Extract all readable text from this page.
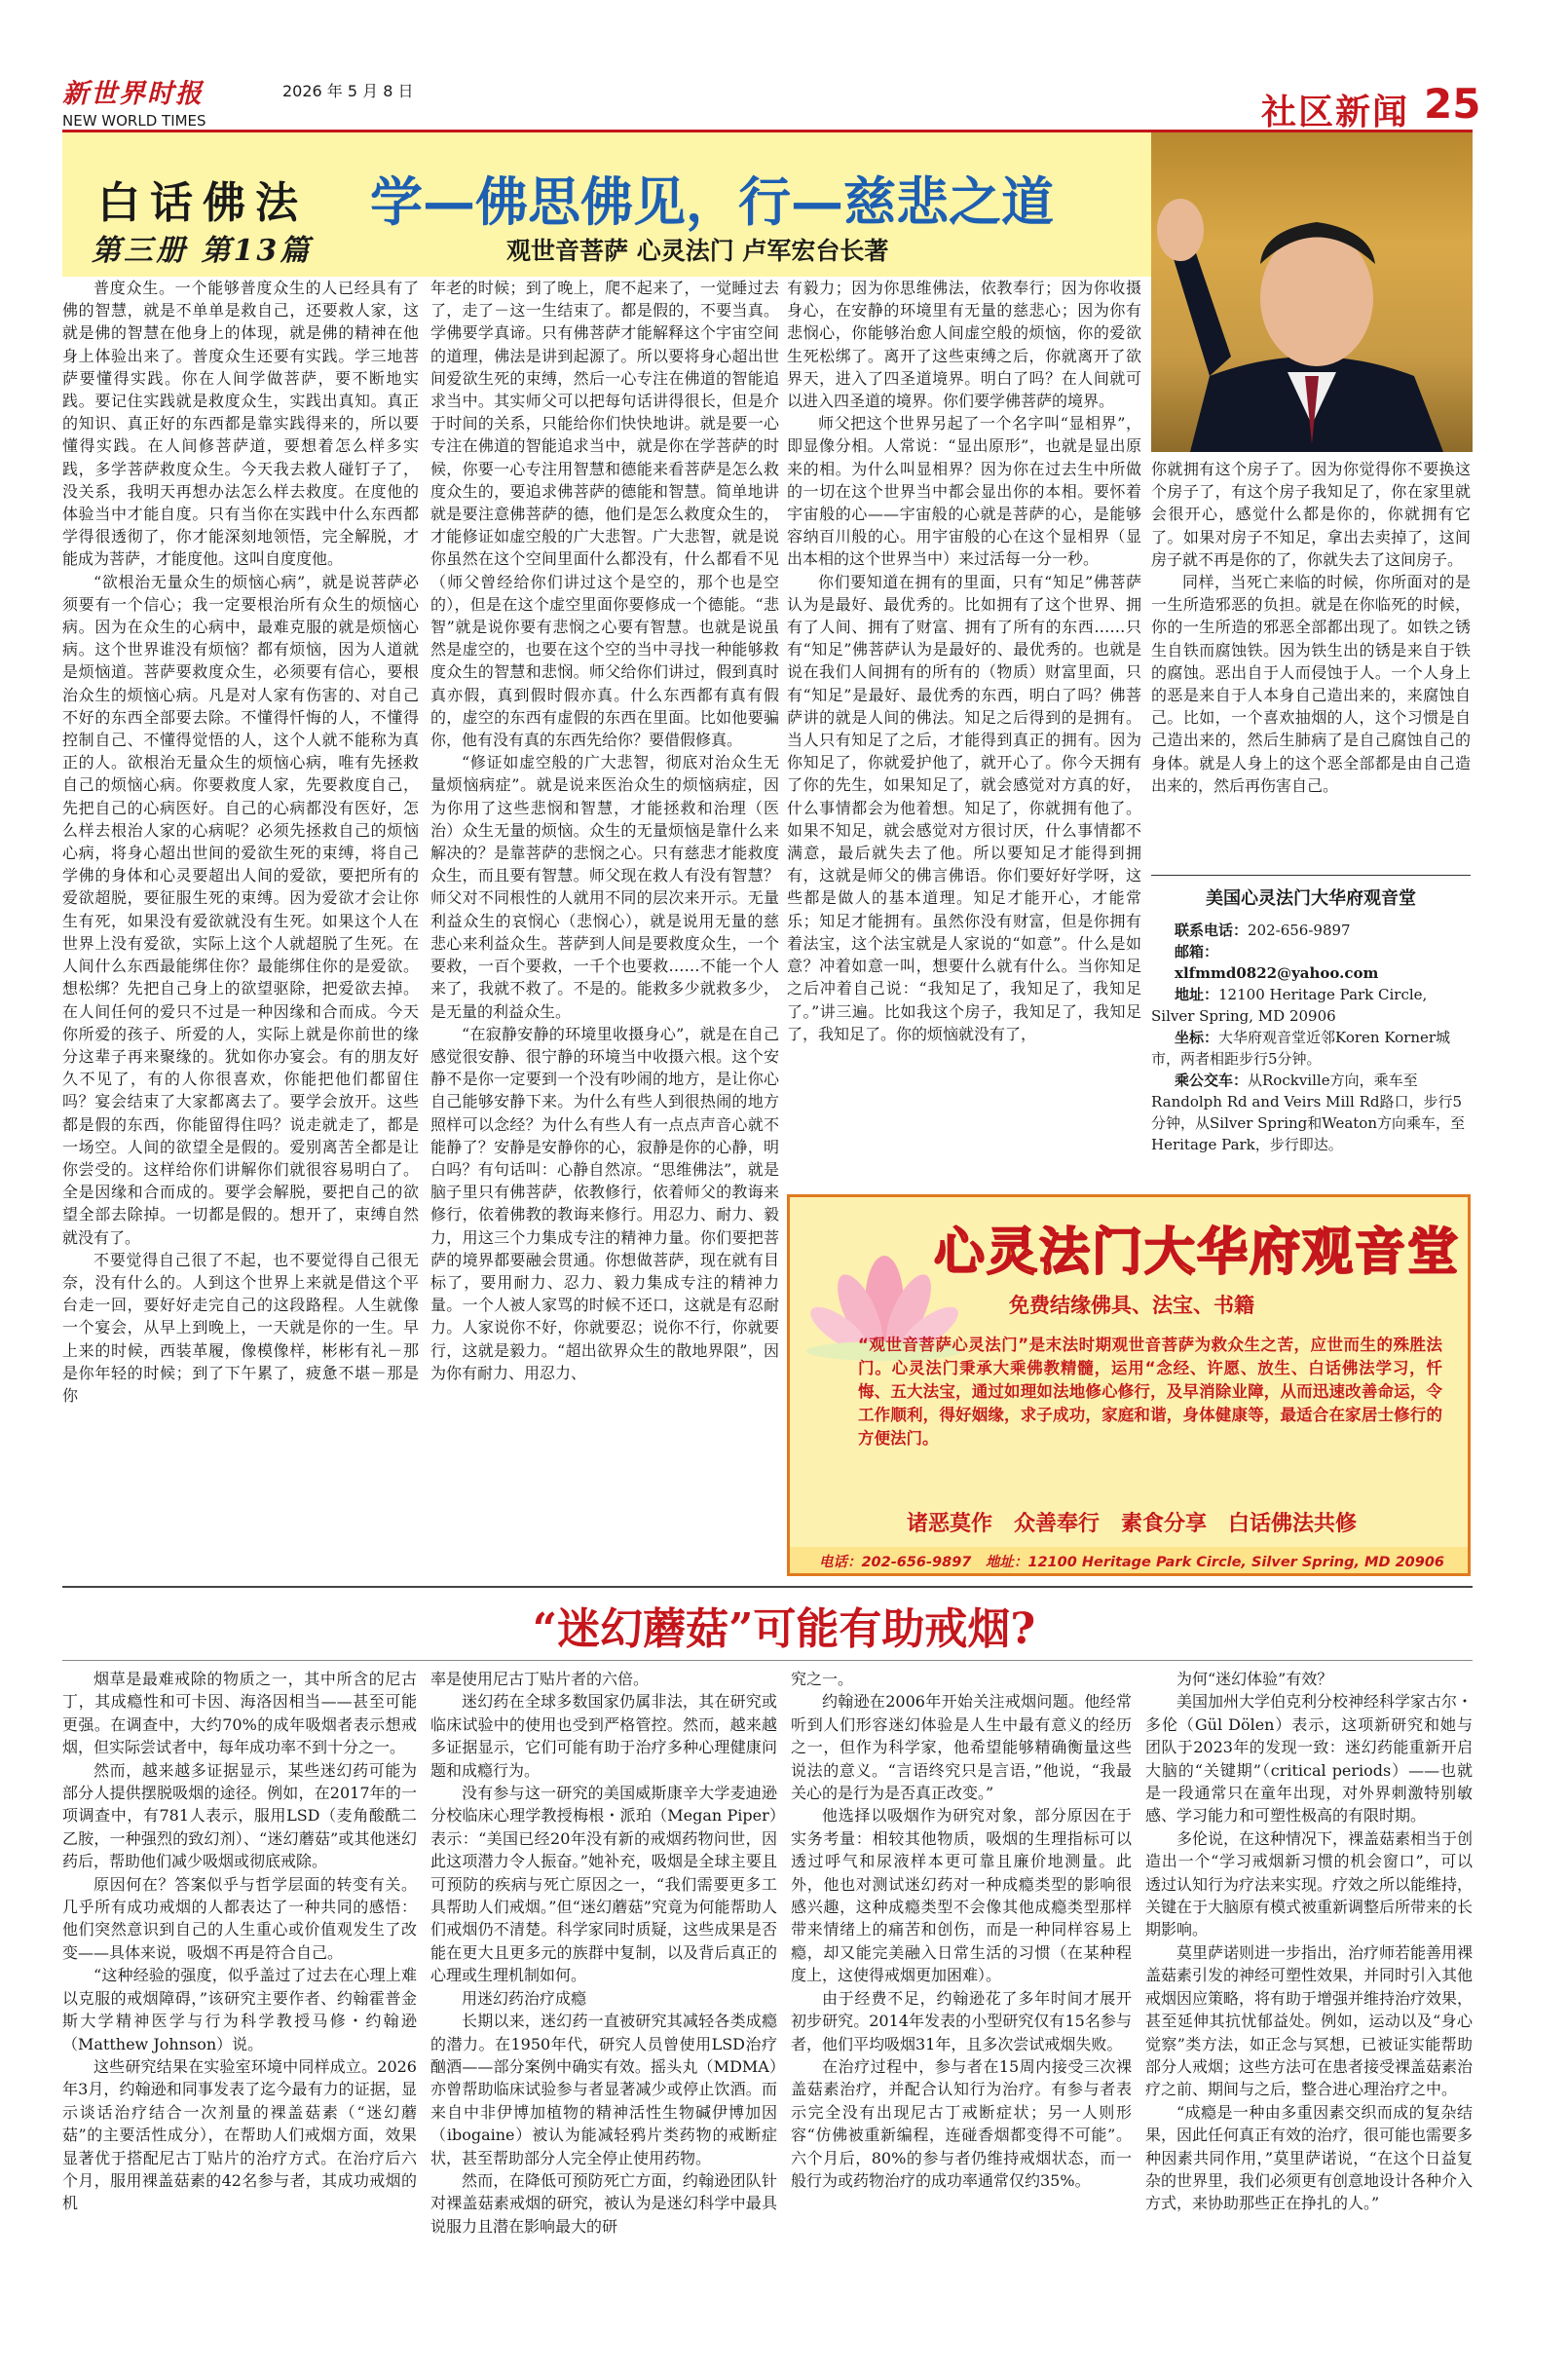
新世界时报	2026 年 5 月 8 日
NEW WORLD TIMES	社区新闻 25
白话佛法
第三册 第13篇
学—佛思佛见，行—慈悲之道
观世音菩萨 心灵法门 卢军宏台长著

普度众生。一个能够普度众生的人已经具有了佛的智慧，就是不单单是救自己，还要救人家，这就是佛的智慧在他身上的体现，就是佛的精神在他身上体验出来了。普度众生还要有实践。学三地菩萨要懂得实践。你在人间学做菩萨，要不断地实践。要记住实践就是救度众生，实践出真知。真正的知识、真正好的东西都是靠实践得来的，所以要懂得实践。在人间修菩萨道，要想着怎么样多实践，多学菩萨救度众生。今天我去救人碰钉子了，没关系，我明天再想办法怎么样去救度。在度他的体验当中才能自度。只有当你在实践中什么东西都学得很透彻了，你才能深刻地领悟，完全解脱，才能成为菩萨，才能度他。这叫自度度他。

“欲根治无量众生的烦恼心病”，就是说菩萨必须要有一个信心；我一定要根治所有众生的烦恼心病。因为在众生的心病中，最难克服的就是烦恼心病。这个世界谁没有烦恼？都有烦恼，因为人道就是烦恼道。菩萨要救度众生，必须要有信心，要根治众生的烦恼心病。凡是对人家有伤害的、对自己不好的东西全部要去除。不懂得忏悔的人，不懂得控制自己、不懂得觉悟的人，这个人就不能称为真正的人。欲根治无量众生的烦恼心病，唯有先拯救自己的烦恼心病。你要救度人家，先要救度自己，先把自己的心病医好。自己的心病都没有医好，怎么样去根治人家的心病呢？必须先拯救自己的烦恼心病，将身心超出世间的爱欲生死的束缚，将自己学佛的身体和心灵要超出人间的爱欲，要把所有的爱欲超脱，要征服生死的束缚。因为爱欲才会让你生有死，如果没有爱欲就没有生死。如果这个人在世界上没有爱欲，实际上这个人就超脱了生死。在人间什么东西最能绑住你？最能绑住你的是爱欲。想松绑？先把自己身上的欲望驱除，把爱欲去掉。在人间任何的爱只不过是一种因缘和合而成。今天你所爱的孩子、所爱的人，实际上就是你前世的缘分这辈子再来聚缘的。犹如你办宴会。有的朋友好久不见了，有的人你很喜欢，你能把他们都留住吗？宴会结束了大家都离去了。要学会放开。这些都是假的东西，你能留得住吗？说走就走了，都是一场空。人间的欲望全是假的。爱别离苦全都是让你尝受的。这样给你们讲解你们就很容易明白了。全是因缘和合而成的。要学会解脱，要把自己的欲望全部去除掉。一切都是假的。想开了，束缚自然就没有了。

不要觉得自己很了不起，也不要觉得自己很无奈，没有什么的。人到这个世界上来就是借这个平台走一回，要好好走完自己的这段路程。人生就像一个宴会，从早上到晚上，一天就是你的一生。早上来的时候，西装革履，像模像样，彬彬有礼－那是你年轻的时候；到了下午累了，疲惫不堪－那是你

年老的时候；到了晚上，爬不起来了，一觉睡过去了，走了－这一生结束了。都是假的，不要当真。学佛要学真谛。只有佛菩萨才能解释这个宇宙空间的道理，佛法是讲到起源了。所以要将身心超出世间爱欲生死的束缚，然后一心专注在佛道的智能追求当中。其实师父可以把每句话讲得很长，但是介于时间的关系，只能给你们快快地讲。就是要一心专注在佛道的智能追求当中，就是你在学菩萨的时候，你要一心专注用智慧和德能来看菩萨是怎么救度众生的，要追求佛菩萨的德能和智慧。简单地讲就是要注意佛菩萨的德，他们是怎么救度众生的，才能修证如虚空般的广大悲智。广大悲智，就是说你虽然在这个空间里面什么都没有，什么都看不见（师父曾经给你们讲过这个是空的，那个也是空的），但是在这个虚空里面你要修成一个德能。“悲智”就是说你要有悲悯之心要有智慧。也就是说虽然是虚空的，也要在这个空的当中寻找一种能够救度众生的智慧和悲悯。师父给你们讲过，假到真时真亦假，真到假时假亦真。什么东西都有真有假的，虚空的东西有虚假的东西在里面。比如他要骗你，他有没有真的东西先给你？要借假修真。

“修证如虚空般的广大悲智，彻底对治众生无量烦恼病症”。就是说来医治众生的烦恼病症，因为你用了这些悲悯和智慧，才能拯救和治理（医治）众生无量的烦恼。众生的无量烦恼是靠什么来解决的？是靠菩萨的悲悯之心。只有慈悲才能救度众生，而且要有智慧。师父现在救人有没有智慧？师父对不同根性的人就用不同的层次来开示。无量利益众生的哀悯心（悲悯心），就是说用无量的慈悲心来利益众生。菩萨到人间是要救度众生，一个要救，一百个要救，一千个也要救……不能一个人来了，我就不救了。不是的。能救多少就救多少，是无量的利益众生。

“在寂静安静的环境里收摄身心”，就是在自己感觉很安静、很宁静的环境当中收摄六根。这个安静不是你一定要到一个没有吵闹的地方，是让你心自己能够安静下来。为什么有些人到很热闹的地方照样可以念经？为什么有些人有一点点声音心就不能静了？安静是安静你的心，寂静是你的心静，明白吗？有句话叫：心静自然凉。“思维佛法”，就是脑子里只有佛菩萨，依教修行，依着师父的教诲来修行，依着佛教的教诲来修行。用忍力、耐力、毅力，用这三个力集成专注的精神力量。你们要把菩萨的境界都要融会贯通。你想做菩萨，现在就有目标了，要用耐力、忍力、毅力集成专注的精神力量。一个人被人家骂的时候不还口，这就是有忍耐力。人家说你不好，你就要忍；说你不行，你就要行，这就是毅力。“超出欲界众生的散地界限”，因为你有耐力、用忍力、

有毅力；因为你思维佛法，依教奉行；因为你收摄身心，在安静的环境里有无量的慈悲心；因为你有悲悯心，你能够治愈人间虚空般的烦恼，你的爱欲生死松绑了。离开了这些束缚之后，你就离开了欲界天，进入了四圣道境界。明白了吗？在人间就可以进入四圣道的境界。你们要学佛菩萨的境界。

师父把这个世界另起了一个名字叫“显相界”，即显像分相。人常说：“显出原形”，也就是显出原来的相。为什么叫显相界？因为你在过去生中所做的一切在这个世界当中都会显出你的本相。要怀着宇宙般的心——宇宙般的心就是菩萨的心，是能够容纳百川般的心。用宇宙般的心在这个显相界（显出本相的这个世界当中）来过活每一分一秒。

你们要知道在拥有的里面，只有“知足”佛菩萨认为是最好、最优秀的。比如拥有了这个世界、拥有了人间、拥有了财富、拥有了所有的东西……只有“知足”佛菩萨认为是最好的、最优秀的。也就是说在我们人间拥有的所有的（物质）财富里面，只有“知足”是最好、最优秀的东西，明白了吗？佛菩萨讲的就是人间的佛法。知足之后得到的是拥有。当人只有知足了之后，才能得到真正的拥有。因为你知足了，你就爱护他了，就开心了。你今天拥有了你的先生，如果知足了，就会感觉对方真的好，什么事情都会为他着想。知足了，你就拥有他了。如果不知足，就会感觉对方很讨厌，什么事情都不满意，最后就失去了他。所以要知足才能得到拥有，这就是师父的佛言佛语。你们要好好学呀，这些都是做人的基本道理。知足才能开心，才能常乐；知足才能拥有。虽然你没有财富，但是你拥有着法宝，这个法宝就是人家说的“如意”。什么是如意？冲着如意一叫，想要什么就有什么。当你知足之后冲着自己说：“我知足了，我知足了，我知足了。”讲三遍。比如我这个房子，我知足了，我知足了，我知足了。你的烦恼就没有了，

你就拥有这个房子了。因为你觉得你不要换这个房子了，有这个房子我知足了，你在家里就会很开心，感觉什么都是你的，你就拥有它了。如果对房子不知足，拿出去卖掉了，这间房子就不再是你的了，你就失去了这间房子。

同样，当死亡来临的时候，你所面对的是一生所造邪恶的负担。就是在你临死的时候，你的一生所造的邪恶全部都出现了。如铁之锈生自铁而腐蚀铁。因为铁生出的锈是来自于铁的腐蚀。恶出自于人而侵蚀于人。一个人身上的恶是来自于人本身自己造出来的，来腐蚀自己。比如，一个喜欢抽烟的人，这个习惯是自己造出来的，然后生肺病了是自己腐蚀自己的身体。就是人身上的这个恶全部都是由自己造出来的，然后再伤害自己。

美国心灵法门大华府观音堂
联系电话：202-656-9897
邮箱：
xlfmmd0822@yahoo.com
地址：12100 Heritage Park Circle, Silver Spring, MD 20906
坐标：大华府观音堂近邻Koren Korner城市，两者相距步行5分钟。
乘公交车：从Rockville方向，乘车至Randolph Rd and Veirs Mill Rd路口，步行5分钟，从Silver Spring和Weaton方向乘车，至Heritage Park，步行即达。
心灵法门大华府观音堂
免费结缘佛具、法宝、书籍
“观世音菩萨心灵法门”是末法时期观世音菩萨为救众生之苦，应世而生的殊胜法门。心灵法门秉承大乘佛教精髓，运用“念经、许愿、放生、白话佛法学习，忏悔、五大法宝，通过如理如法地修心修行，及早消除业障，从而迅速改善命运，令工作顺利，得好姻缘，求子成功，家庭和谐，身体健康等，最适合在家居士修行的方便法门。
诸恶莫作　众善奉行　素食分享　白话佛法共修
电话：202-656-9897　地址：12100 Heritage Park Circle, Silver Spring, MD 20906
“迷幻蘑菇”可能有助戒烟?

烟草是最难戒除的物质之一，其中所含的尼古丁，其成瘾性和可卡因、海洛因相当——甚至可能更强。在调查中，大约70%的成年吸烟者表示想戒烟，但实际尝试者中，每年成功率不到十分之一。

然而，越来越多证据显示，某些迷幻药可能为部分人提供摆脱吸烟的途径。例如，在2017年的一项调查中，有781人表示，服用LSD（麦角酸酰二乙胺，一种强烈的致幻剂）、“迷幻蘑菇”或其他迷幻药后，帮助他们减少吸烟或彻底戒除。

原因何在？答案似乎与哲学层面的转变有关。几乎所有成功戒烟的人都表达了一种共同的感悟：他们突然意识到自己的人生重心或价值观发生了改变——具体来说，吸烟不再是符合自己。

“这种经验的强度，似乎盖过了过去在心理上难以克服的戒烟障碍，”该研究主要作者、约翰霍普金斯大学精神医学与行为科学教授马修・约翰逊（Matthew Johnson）说。

这些研究结果在实验室环境中同样成立。2026年3月，约翰逊和同事发表了迄今最有力的证据，显示谈话治疗结合一次剂量的裸盖菇素（“迷幻蘑菇”的主要活性成分），在帮助人们戒烟方面，效果显著优于搭配尼古丁贴片的治疗方式。在治疗后六个月，服用裸盖菇素的42名参与者，其成功戒烟的机

率是使用尼古丁贴片者的六倍。

迷幻药在全球多数国家仍属非法，其在研究或临床试验中的使用也受到严格管控。然而，越来越多证据显示，它们可能有助于治疗多种心理健康问题和成瘾行为。

没有参与这一研究的美国威斯康辛大学麦迪逊分校临床心理学教授梅根・派珀（Megan Piper）表示：“美国已经20年没有新的戒烟药物问世，因此这项潜力令人振奋。”她补充，吸烟是全球主要且可预防的疾病与死亡原因之一，“我们需要更多工具帮助人们戒烟。”但“迷幻蘑菇”究竟为何能帮助人们戒烟仍不清楚。科学家同时质疑，这些成果是否能在更大且更多元的族群中复制，以及背后真正的心理或生理机制如何。

用迷幻药治疗成瘾

长期以来，迷幻药一直被研究其减轻各类成瘾的潜力。在1950年代，研究人员曾使用LSD治疗酗酒——部分案例中确实有效。摇头丸（MDMA）亦曾帮助临床试验参与者显著减少或停止饮酒。而来自中非伊博加植物的精神活性生物碱伊博加因（ibogaine）被认为能减轻鸦片类药物的戒断症状，甚至帮助部分人完全停止使用药物。

然而，在降低可预防死亡方面，约翰逊团队针对裸盖菇素戒烟的研究，被认为是迷幻科学中最具说服力且潜在影响最大的研

究之一。

约翰逊在2006年开始关注戒烟问题。他经常听到人们形容迷幻体验是人生中最有意义的经历之一，但作为科学家，他希望能够精确衡量这些说法的意义。“言语终究只是言语，”他说，“我最关心的是行为是否真正改变。”

他选择以吸烟作为研究对象，部分原因在于实务考量：相较其他物质，吸烟的生理指标可以透过呼气和尿液样本更可靠且廉价地测量。此外，他也对测试迷幻药对一种成瘾类型的影响很感兴趣，这种成瘾类型不会像其他成瘾类型那样带来情绪上的痛苦和创伤，而是一种同样容易上瘾，却又能完美融入日常生活的习惯（在某种程度上，这使得戒烟更加困难）。

由于经费不足，约翰逊花了多年时间才展开初步研究。2014年发表的小型研究仅有15名参与者，他们平均吸烟31年，且多次尝试戒烟失败。

在治疗过程中，参与者在15周内接受三次裸盖菇素治疗，并配合认知行为治疗。有参与者表示完全没有出现尼古丁戒断症状；另一人则形容“仿佛被重新编程，连碰香烟都变得不可能”。六个月后，80%的参与者仍维持戒烟状态，而一般行为或药物治疗的成功率通常仅约35%。

为何“迷幻体验”有效？

美国加州大学伯克利分校神经科学家古尔・多伦（Gül Dölen）表示，这项新研究和她与团队于2023年的发现一致：迷幻药能重新开启大脑的“关键期”（critical periods）——也就是一段通常只在童年出现，对外界刺激特别敏感、学习能力和可塑性极高的有限时期。

多伦说，在这种情况下，裸盖菇素相当于创造出一个“学习戒烟新习惯的机会窗口”，可以透过认知行为疗法来实现。疗效之所以能维持，关键在于大脑原有模式被重新调整后所带来的长期影响。

莫里萨诺则进一步指出，治疗师若能善用裸盖菇素引发的神经可塑性效果，并同时引入其他戒烟因应策略，将有助于增强并维持治疗效果，甚至延伸其抗忧郁益处。例如，运动以及“身心觉察”类方法，如正念与冥想，已被证实能帮助部分人戒烟；这些方法可在患者接受裸盖菇素治疗之前、期间与之后，整合进心理治疗之中。

“成瘾是一种由多重因素交织而成的复杂结果，因此任何真正有效的治疗，很可能也需要多种因素共同作用，”莫里萨诺说，“在这个日益复杂的世界里，我们必须更有创意地设计各种介入方式，来协助那些正在挣扎的人。”
